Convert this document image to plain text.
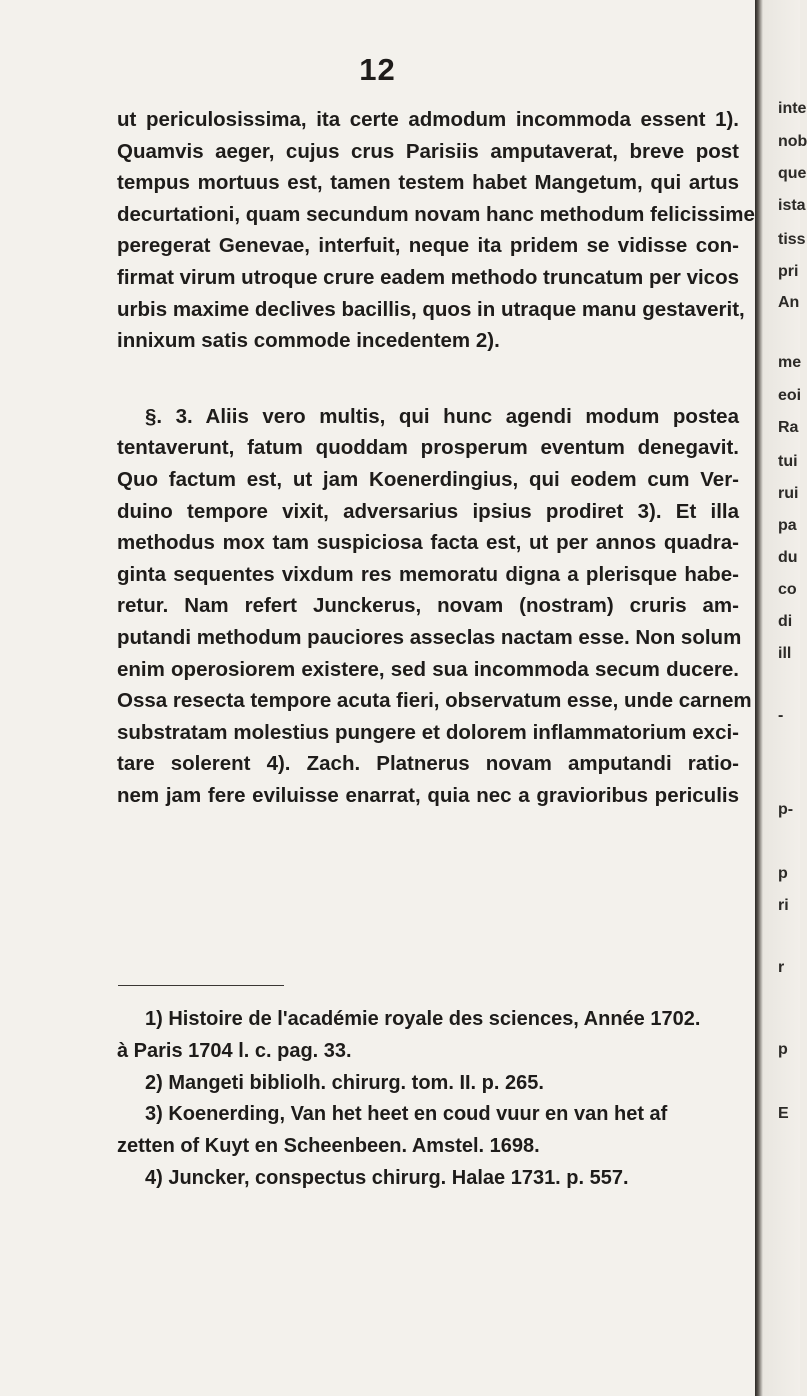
12
ut periculosissima, ita certe admodum incommoda essent 1).
Quamvis aeger, cujus crus Parisiis amputaverat, breve post
tempus mortuus est, tamen testem habet Mangetum, qui artus
decurtationi, quam secundum novam hanc methodum felicissime
peregerat Genevae, interfuit, neque ita pridem se vidisse con-
firmat virum utroque crure eadem methodo truncatum per vicos
urbis maxime declives bacillis, quos in utraque manu gestaverit,
innixum satis commode incedentem 2).
§. 3. Aliis vero multis, qui hunc agendi modum postea
tentaverunt, fatum quoddam prosperum eventum denegavit.
Quo factum est, ut jam Koenerdingius, qui eodem cum Ver-
duino tempore vixit, adversarius ipsius prodiret 3). Et illa
methodus mox tam suspiciosa facta est, ut per annos quadra-
ginta sequentes vixdum res memoratu digna a plerisque habe-
retur. Nam refert Junckerus, novam (nostram) cruris am-
putandi methodum pauciores asseclas nactam esse. Non solum
enim operosiorem existere, sed sua incommoda secum ducere.
Ossa resecta tempore acuta fieri, observatum esse, unde carnem
substratam molestius pungere et dolorem inflammatorium exci-
tare solerent 4). Zach. Platnerus novam amputandi ratio-
nem jam fere eviluisse enarrat, quia nec a gravioribus periculis
1) Histoire de l'académie royale des sciences, Année 1702.
à Paris 1704 l. c. pag. 33.
2) Mangeti bibliolh. chirurg. tom. II. p. 265.
3) Koenerding, Van het heet en coud vuur en van het af
zetten of Kuyt en Scheenbeen. Amstel. 1698.
4) Juncker, conspectus chirurg. Halae 1731. p. 557.
inte
nob
que
ista
tiss
pri
An
me
eoi
Ra
tui
rui
pa
du
co
di
ill
-
p-
p
ri
r
p
E
